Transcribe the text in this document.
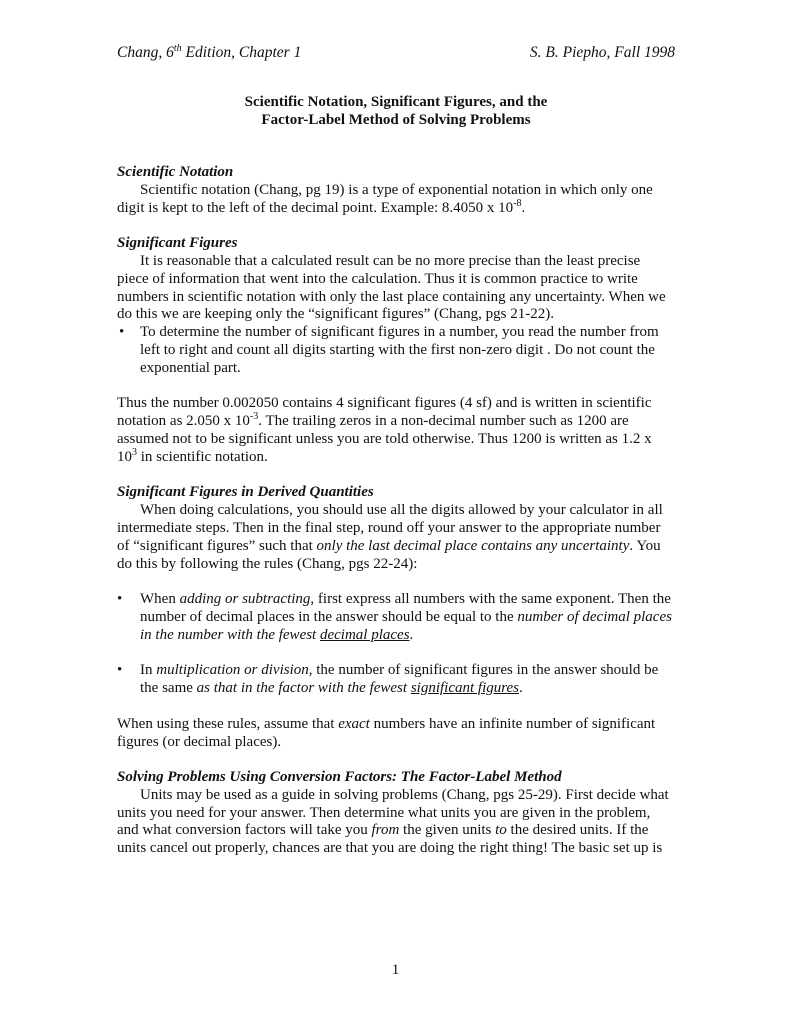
Chang, 6th Edition, Chapter 1	S. B. Piepho, Fall 1998
Scientific Notation, Significant Figures, and the
Factor-Label Method of Solving Problems
Scientific Notation

Scientific notation (Chang, pg 19) is a type of exponential notation in which only one digit is kept to the left of the decimal point. Example: 8.4050 x $10^{-8}$.

Significant Figures

It is reasonable that a calculated result can be no more precise than the least precise piece of information that went into the calculation. Thus it is common practice to write numbers in scientific notation with only the last place containing any uncertainty. When we do this we are keeping only the “significant figures” (Chang, pgs 21-22).

• To determine the number of significant figures in a number, you read the number from left to right and count all digits starting with the first non-zero digit . Do not count the exponential part.

Thus the number 0.002050 contains 4 significant figures (4 sf) and is written in scientific notation as 2.050 x $10^{-3}$. The trailing zeros in a non-decimal number such as 1200 are assumed not to be significant unless you are told otherwise. Thus 1200 is written as 1.2 x $10^3$ in scientific notation.

Significant Figures in Derived Quantities

When doing calculations, you should use all the digits allowed by your calculator in all intermediate steps. Then in the final step, round off your answer to the appropriate number of “significant figures” such that only the last decimal place contains any uncertainty. You do this by following the rules (Chang, pgs 22-24):

• When adding or subtracting, first express all numbers with the same exponent. Then the number of decimal places in the answer should be equal to the number of decimal places in the number with the fewest decimal places.
• In multiplication or division, the number of significant figures in the answer should be the same as that in the factor with the fewest significant figures.

When using these rules, assume that exact numbers have an infinite number of significant figures (or decimal places).

Solving Problems Using Conversion Factors: The Factor-Label Method

Units may be used as a guide in solving problems (Chang, pgs 25-29). First decide what units you need for your answer. Then determine what units you are given in the problem, and what conversion factors will take you from the given units to the desired units. If the units cancel out properly, chances are that you are doing the right thing! The basic set up is

1
